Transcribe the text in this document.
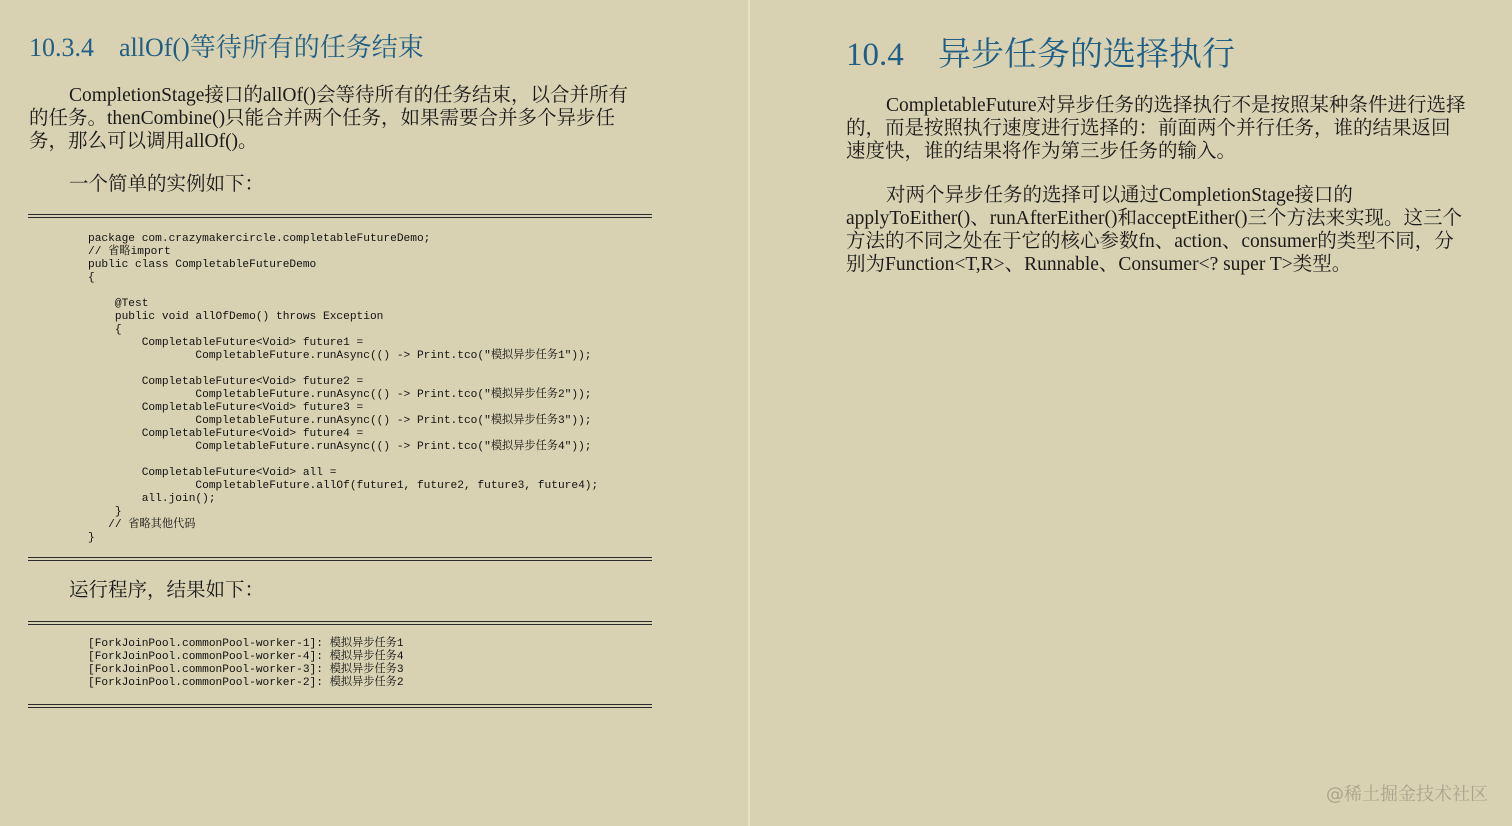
10.3.4 allOf()等待所有的任务结束

CompletionStage接口的allOf()会等待所有的任务结束，以合并所有的任务。thenCombine()只能合并两个任务，如果需要合并多个异步任务，那么可以调用allOf()。

一个简单的实例如下：

package com.crazymakercircle.completableFutureDemo;
// 省略import
public class CompletableFutureDemo
{

@Test
public void allOfDemo() throws Exception
{
CompletableFuture<Void> future1 =
CompletableFuture.runAsync(() -> Print.tco("模拟异步任务1"));

CompletableFuture<Void> future2 =
CompletableFuture.runAsync(() -> Print.tco("模拟异步任务2"));
CompletableFuture<Void> future3 =
CompletableFuture.runAsync(() -> Print.tco("模拟异步任务3"));
CompletableFuture<Void> future4 =
CompletableFuture.runAsync(() -> Print.tco("模拟异步任务4"));

CompletableFuture<Void> all =
CompletableFuture.allOf(future1, future2, future3, future4);
all.join();
}
// 省略其他代码
}

运行程序，结果如下：

[ForkJoinPool.commonPool-worker-1]: 模拟异步任务1
[ForkJoinPool.commonPool-worker-4]: 模拟异步任务4
[ForkJoinPool.commonPool-worker-3]: 模拟异步任务3
[ForkJoinPool.commonPool-worker-2]: 模拟异步任务2
10.4 异步任务的选择执行

CompletableFuture对异步任务的选择执行不是按照某种条件进行选择的，而是按照执行速度进行选择的：前面两个并行任务，谁的结果返回速度快，谁的结果将作为第三步任务的输入。

对两个异步任务的选择可以通过CompletionStage接口的applyToEither()、runAfterEither()和acceptEither()三个方法来实现。这三个方法的不同之处在于它的核心参数fn、action、consumer的类型不同，分别为Function<T,R>、Runnable、Consumer<? super T>类型。

@稀土掘金技术社区
